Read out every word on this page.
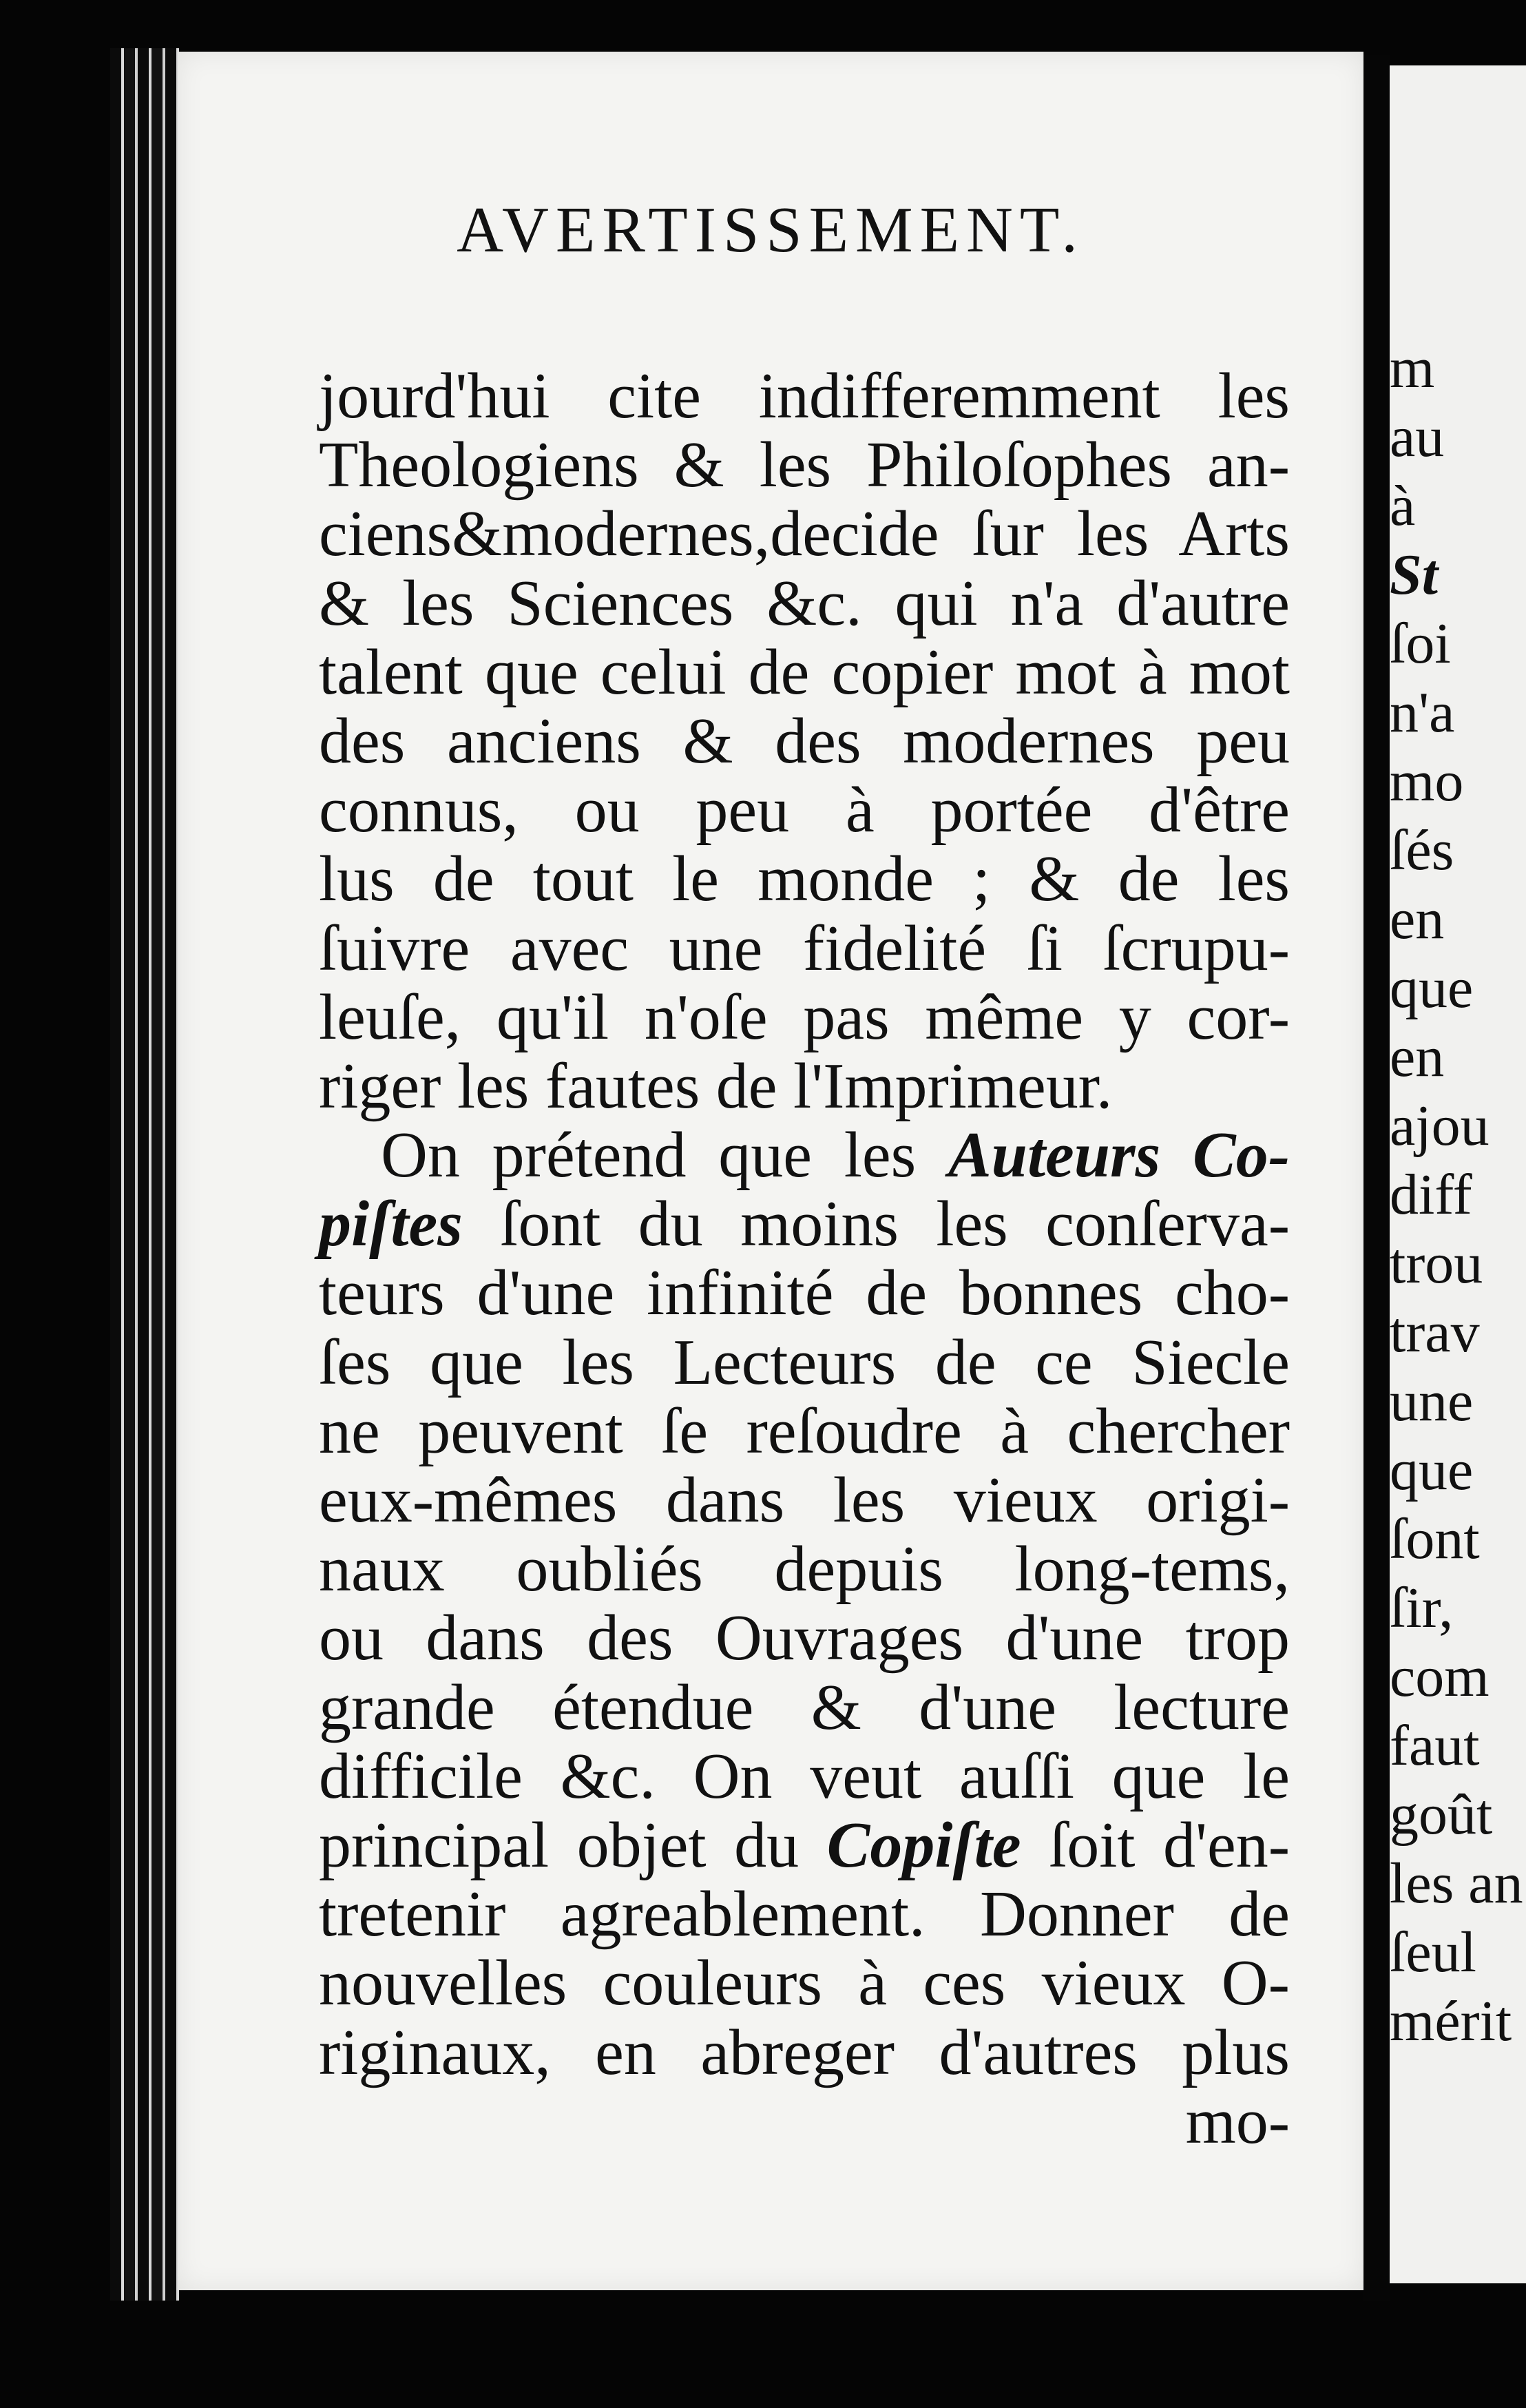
AVERTISSEMENT.
jourd'hui cite indifferemment les
Theologiens & les Philoſophes an-
ciens&modernes,decide ſur les Arts
& les Sciences &c. qui n'a d'autre
talent que celui de copier mot à mot
des anciens & des modernes peu
connus, ou peu à portée d'être
lus de tout le monde ; & de les
ſuivre avec une fidelité ſi ſcrupu-
leuſe, qu'il n'oſe pas même y cor-
riger les fautes de l'Imprimeur.
On prétend que les Auteurs Co-
piſtes ſont du moins les conſerva-
teurs d'une infinité de bonnes cho-
ſes que les Lecteurs de ce Siecle
ne peuvent ſe reſoudre à chercher
eux-mêmes dans les vieux origi-
naux oubliés depuis long-tems,
ou dans des Ouvrages d'une trop
grande étendue & d'une lecture
difficile &c. On veut auſſi que le
principal objet du Copiſte ſoit d'en-
tretenir agreablement. Donner de
nouvelles couleurs à ces vieux O-
riginaux, en abreger d'autres plus
mo-
m
au
à
St
ſoi
n'a
mo
ſés
en
que
en
ajou
diff
trou
trav
une
que
ſont
ſir,
com
faut
goût
les an
ſeul
mérit
